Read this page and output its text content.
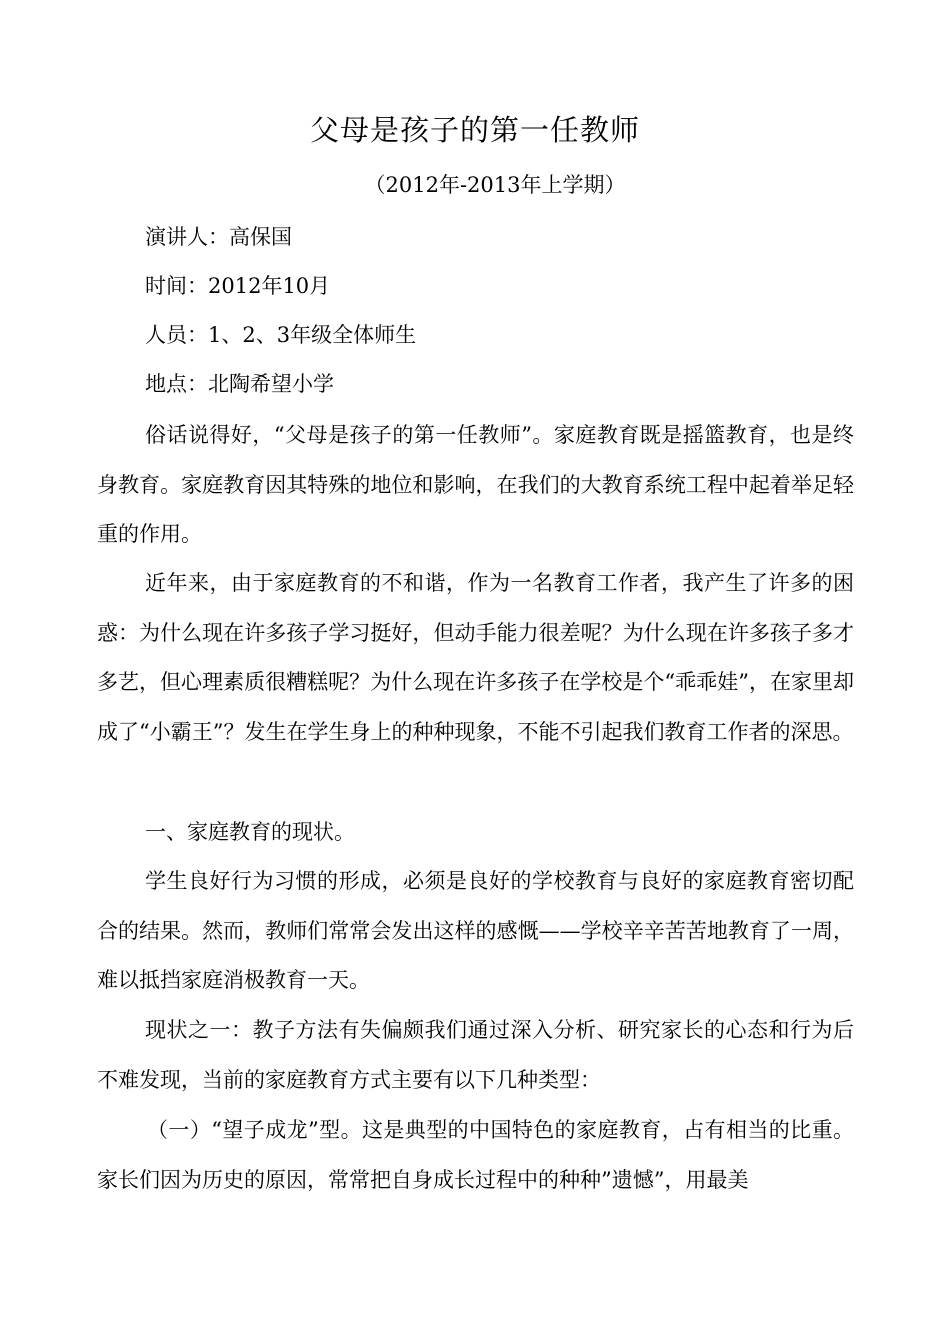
父母是孩子的第一任教师
（2012年-2013年上学期）
演讲人：高保国
时间：2012年10月
人员：1、2、3年级全体师生
地点：北陶希望小学

俗话说得好，“父母是孩子的第一任教师”。家庭教育既是摇篮教育，也是终身教育。家庭教育因其特殊的地位和影响，在我们的大教育系统工程中起着举足轻重的作用。

近年来，由于家庭教育的不和谐，作为一名教育工作者，我产生了许多的困惑：为什么现在许多孩子学习挺好，但动手能力很差呢？为什么现在许多孩子多才多艺，但心理素质很糟糕呢？为什么现在许多孩子在学校是个“乖乖娃”，在家里却成了“小霸王”？发生在学生身上的种种现象，不能不引起我们教育工作者的深思。

一、家庭教育的现状。

学生良好行为习惯的形成，必须是良好的学校教育与良好的家庭教育密切配合的结果。然而，教师们常常会发出这样的感慨——学校辛辛苦苦地教育了一周，难以抵挡家庭消极教育一天。

现状之一：教子方法有失偏颇我们通过深入分析、研究家长的心态和行为后不难发现，当前的家庭教育方式主要有以下几种类型：

（一）“望子成龙”型。这是典型的中国特色的家庭教育，占有相当的比重。家长们因为历史的原因，常常把自身成长过程中的种种”遗憾”，用最美
